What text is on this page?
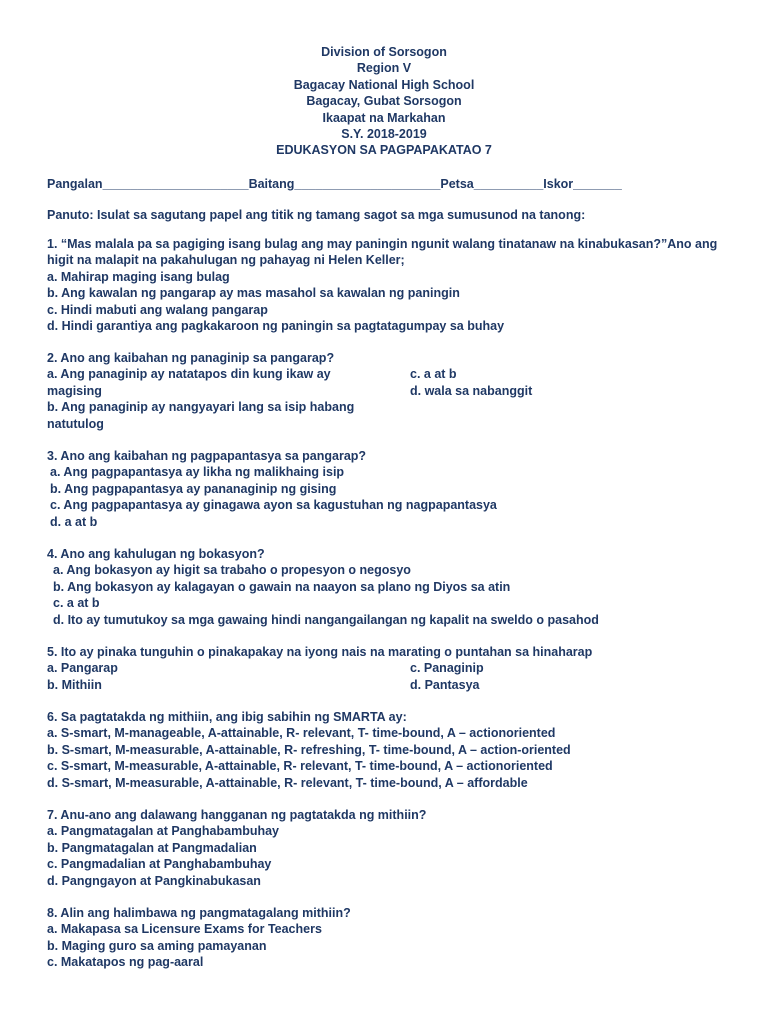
Division of Sorsogon
Region V
Bagacay National High School
Bagacay, Gubat Sorsogon
Ikaapat na Markahan
S.Y. 2018-2019
EDUKASYON SA PAGPAPAKATAO 7
Pangalan_____________________Baitang_____________________Petsa__________Iskor_______
Panuto: Isulat sa sagutang papel ang titik ng tamang sagot sa mga sumusunod na tanong:
1. “Mas malala pa sa pagiging isang bulag ang may paningin ngunit walang tinatanaw na kinabukasan?”Ano ang
higit na malapit na pakahulugan ng pahayag ni Helen Keller;
a. Mahirap maging isang bulag
b. Ang kawalan ng pangarap ay mas masahol sa kawalan ng paningin
c. Hindi mabuti ang walang pangarap
d. Hindi garantiya ang pagkakaroon ng paningin sa pagtatagumpay sa buhay
2. Ano ang kaibahan ng panaginip sa pangarap?
a. Ang panaginip ay natatapos din kung ikaw ay magising
b. Ang panaginip ay nangyayari lang sa isip habang natutulog
c. a at b
d. wala sa nabanggit
3. Ano ang kaibahan ng pagpapantasya sa pangarap?
a. Ang pagpapantasya ay likha ng malikhaing isip
b. Ang pagpapantasya ay pananaginip ng gising
c. Ang pagpapantasya ay ginagawa ayon sa kagustuhan ng nagpapantasya
d. a at b
4. Ano ang kahulugan ng bokasyon?
a. Ang bokasyon ay higit sa trabaho o propesyon o negosyo
b. Ang bokasyon ay kalagayan o gawain na naayon sa plano ng Diyos sa atin
c. a at b
d. Ito ay tumutukoy sa mga gawaing hindi nangangailangan ng kapalit na sweldo o pasahod
5. Ito ay pinaka tunguhin o pinakapakay na iyong nais na marating o puntahan sa hinaharap
a. Pangarap
b. Mithiin
c. Panaginip
d. Pantasya
6. Sa pagtatakda ng mithiin, ang ibig sabihin ng SMARTA ay:
a. S-smart, M-manageable, A-attainable, R- relevant, T- time-bound, A – actionoriented
b. S-smart, M-measurable, A-attainable, R- refreshing, T- time-bound, A – action-oriented
c. S-smart, M-measurable, A-attainable, R- relevant, T- time-bound, A – actionoriented
d. S-smart, M-measurable, A-attainable, R- relevant, T- time-bound, A – affordable
7. Anu-ano ang dalawang hangganan ng pagtatakda ng mithiin?
a. Pangmatagalan at Panghabambuhay
b. Pangmatagalan at Pangmadalian
c. Pangmadalian at Panghabambuhay
d. Pangngayon at Pangkinabukasan
8. Alin ang halimbawa ng pangmatagalang mithiin?
a. Makapasa sa Licensure Exams for Teachers
b. Maging guro sa aming pamayanan
c. Makatapos ng pag-aaral
